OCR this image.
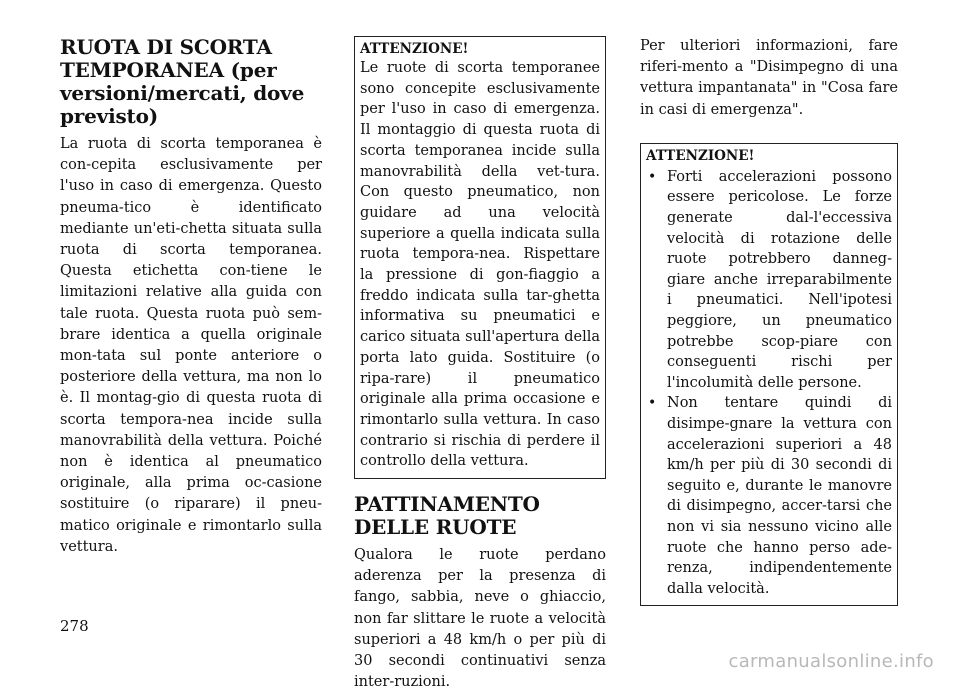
RUOTA DI SCORTA TEMPORANEA (per versioni/mercati, dove previsto)

La ruota di scorta temporanea è con-cepita esclusivamente per l'uso in caso di emergenza. Questo pneuma-tico è identificato mediante un'eti-chetta situata sulla ruota di scorta temporanea. Questa etichetta con-tiene le limitazioni relative alla guida con tale ruota. Questa ruota può sem-brare identica a quella originale mon-tata sul ponte anteriore o posteriore della vettura, ma non lo è. Il montag-gio di questa ruota di scorta tempora-nea incide sulla manovrabilità della vettura. Poiché non è identica al pneumatico originale, alla prima oc-casione sostituire (o riparare) il pneu-matico originale e rimontarlo sulla vettura.

ATTENZIONE!

Le ruote di scorta temporanee sono concepite esclusivamente per l'uso in caso di emergenza. Il montaggio di questa ruota di scorta temporanea incide sulla manovrabilità della vet-tura. Con questo pneumatico, non guidare ad una velocità superiore a quella indicata sulla ruota tempora-nea. Rispettare la pressione di gon-fiaggio a freddo indicata sulla tar-ghetta informativa su pneumatici e carico situata sull'apertura della porta lato guida. Sostituire (o ripa-rare) il pneumatico originale alla prima occasione e rimontarlo sulla vettura. In caso contrario si rischia di perdere il controllo della vettura.

PATTINAMENTO DELLE RUOTE

Qualora le ruote perdano aderenza per la presenza di fango, sabbia, neve o ghiaccio, non far slittare le ruote a velocità superiori a 48 km/h o per più di 30 secondi continuativi senza inter-ruzioni.

Per ulteriori informazioni, fare riferi-mento a "Disimpegno di una vettura impantanata" in "Cosa fare in casi di emergenza".

ATTENZIONE!
• Forti accelerazioni possono essere pericolose. Le forze generate dal-l'eccessiva velocità di rotazione delle ruote potrebbero danneg-giare anche irreparabilmente i pneumatici. Nell'ipotesi peggiore, un pneumatico potrebbe scop-piare con conseguenti rischi per l'incolumità delle persone.
• Non tentare quindi di disimpe-gnare la vettura con accelerazioni superiori a 48 km/h per più di 30 secondi di seguito e, durante le manovre di disimpegno, accer-tarsi che non vi sia nessuno vicino alle ruote che hanno perso ade-renza, indipendentemente dalla velocità.
278
carmanualsonline.info
